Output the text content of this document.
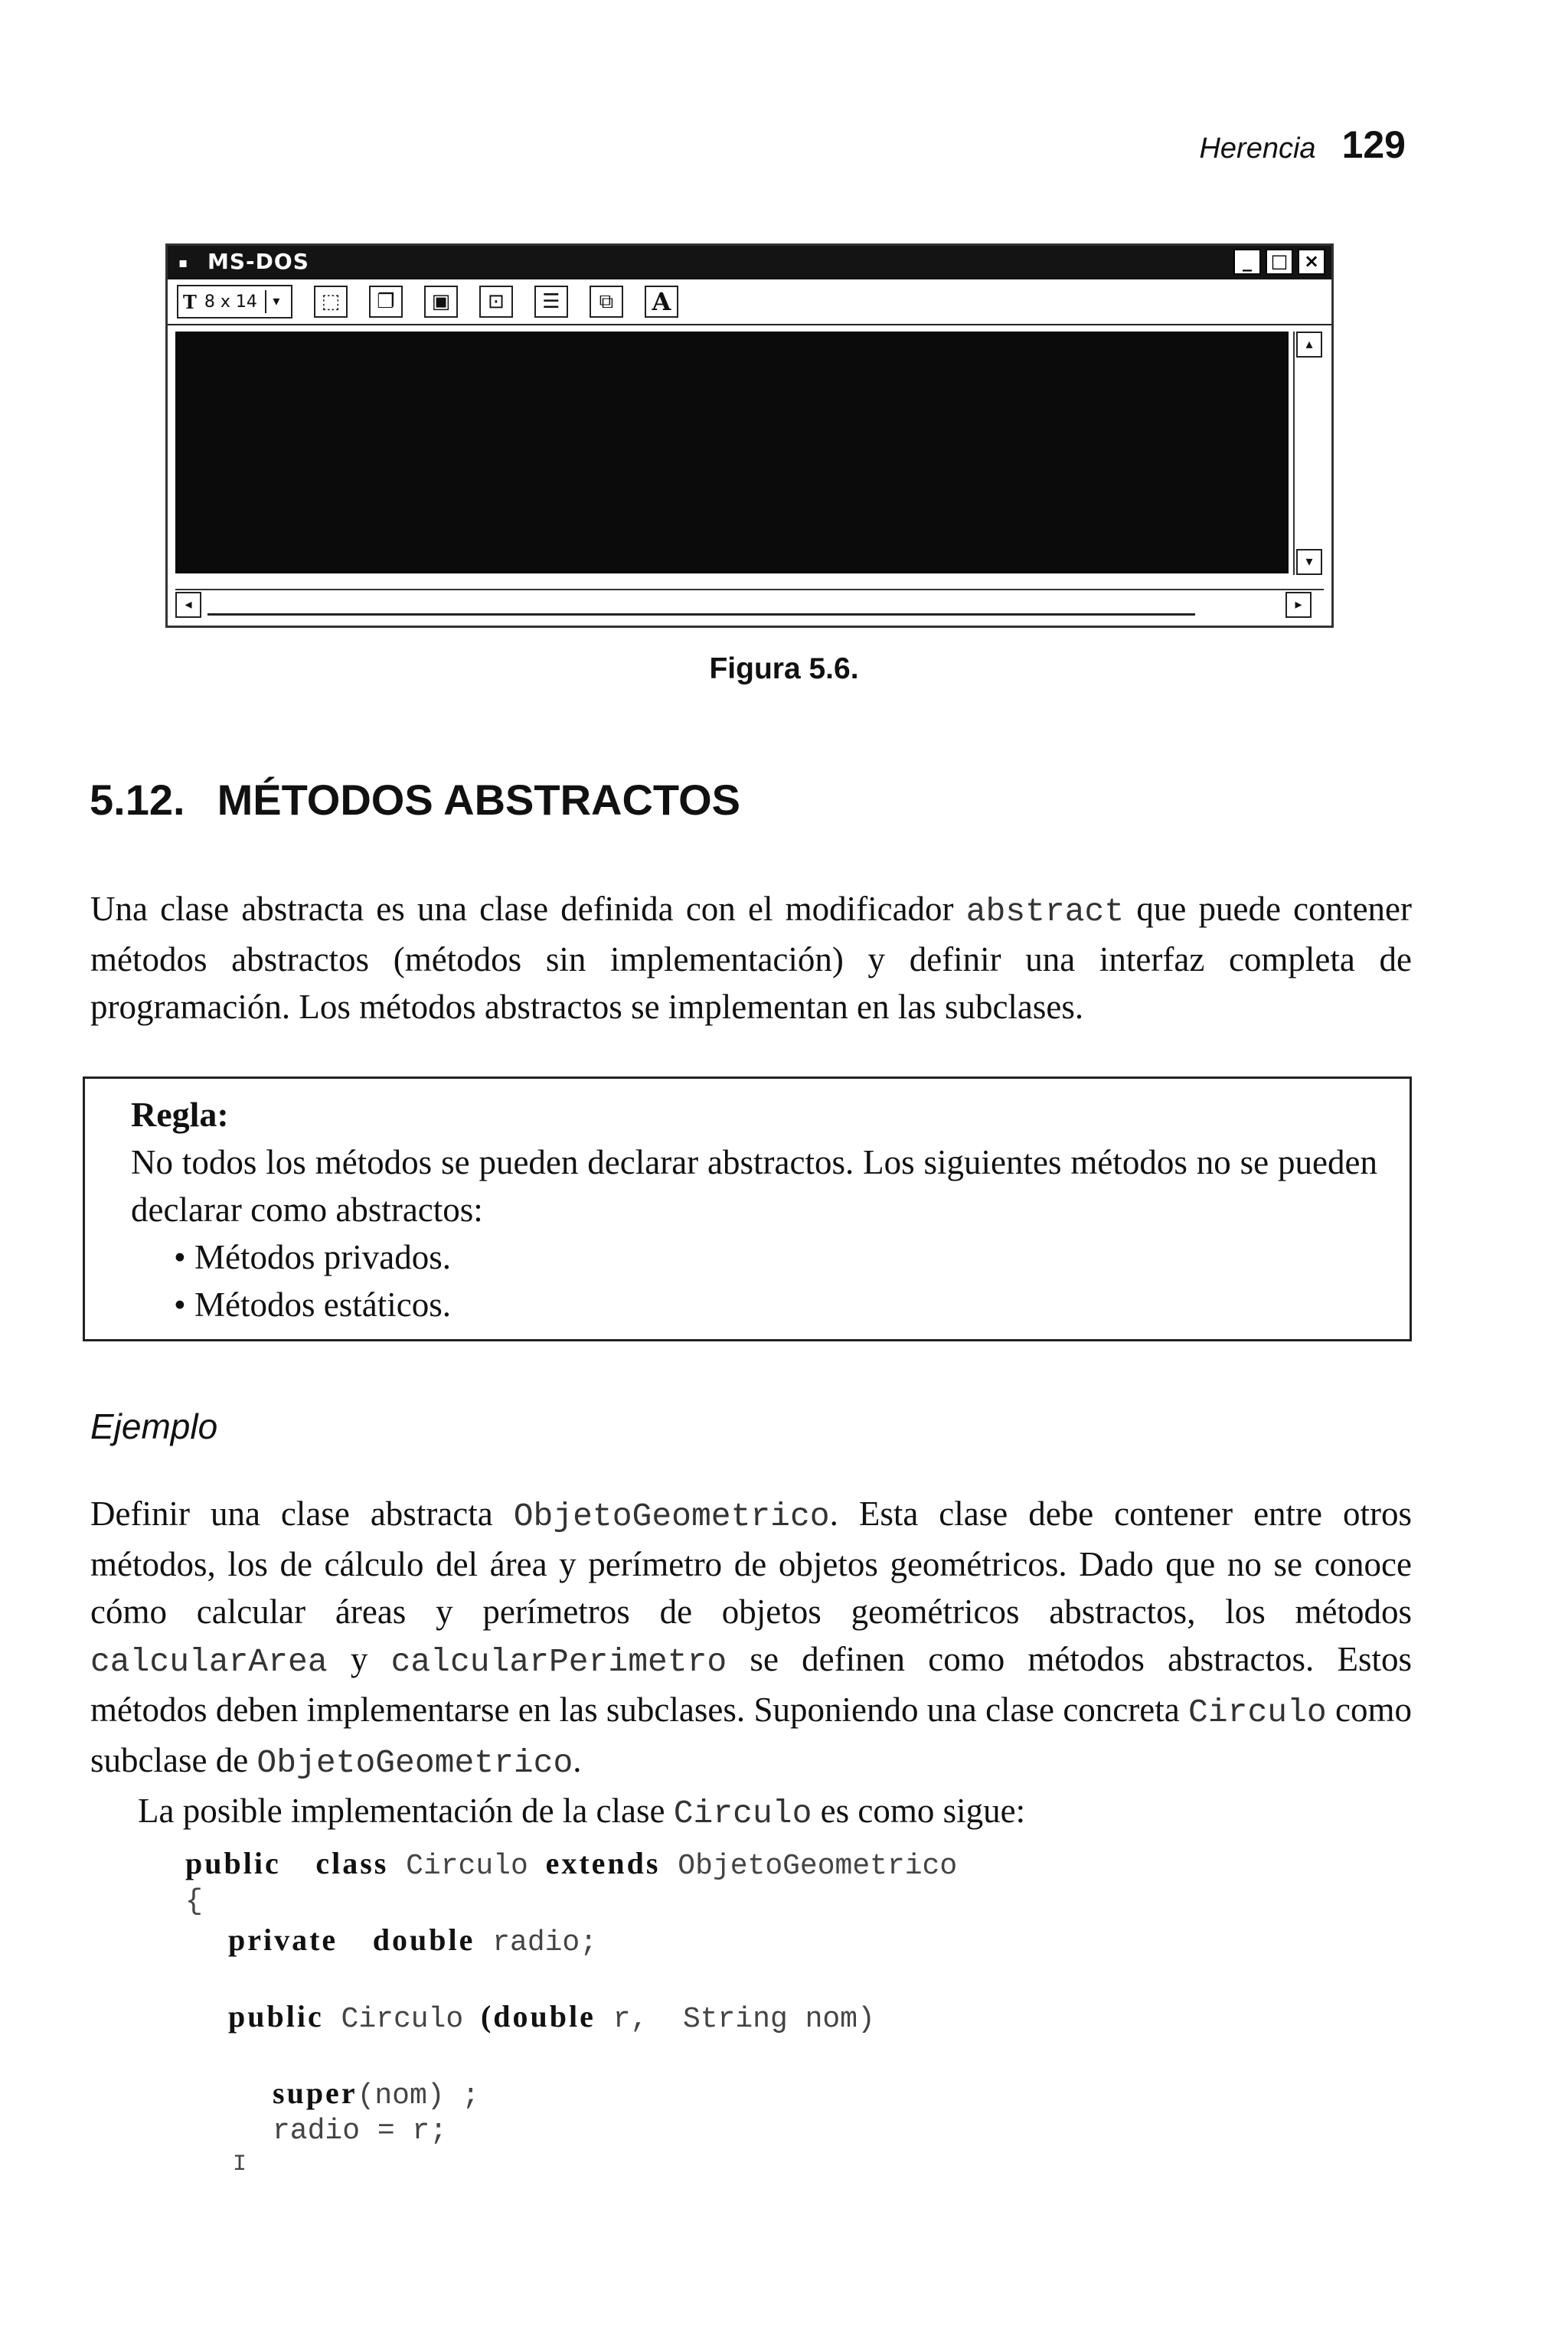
Herencia 129
▪ MS-DOS	_	□ ×
T 8 x 14	▾	⬚ ❐ ▣ ⊡ ☰ ⧉ A
▴
▾
◂	▸
Figura 5.6.
5.12. MÉTODOS ABSTRACTOS

Una clase abstracta es una clase definida con el modificador abstract que puede contener métodos abstractos (métodos sin implementación) y definir una interfaz completa de programación. Los métodos abstractos se implementan en las subclases.

Regla:

No todos los métodos se pueden declarar abstractos. Los siguientes métodos no se pueden declarar como abstractos:

• Métodos privados.
• Métodos estáticos.
Ejemplo

Definir una clase abstracta ObjetoGeometrico. Esta clase debe contener entre otros métodos, los de cálculo del área y perímetro de objetos geométricos. Dado que no se conoce cómo calcular áreas y perímetros de objetos geométricos abstractos, los métodos calcularArea y calcularPerimetro se definen como métodos abstractos. Estos métodos deben implementarse en las subclases. Suponiendo una clase concreta Circulo como subclase de ObjetoGeometrico.
La posible implementación de la clase Circulo es como sigue:

public class Circulo extends ObjetoGeometrico
{
private double radio;
public Circulo (double r,  String nom)
super(nom) ;
radio = r;
I
